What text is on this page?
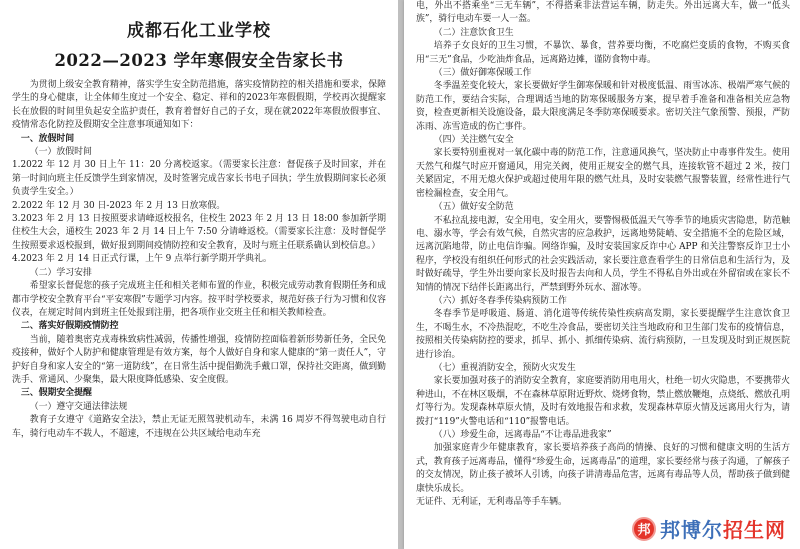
成都石化工业学校
2022—2023 学年寒假安全告家长书

为贯彻上级安全教育精神，落实学生安全防范措施，落实疫情防控的相关措施和要求，保障学生的身心健康，让全体师生度过一个安全、稳定、祥和的2023年寒假假期，学校再次提醒家长在放假的时间里负起安全监护责任，教育着督好自己的子女，现在就2022年寒假放假事宜、疫情常态化防控及假期安全注意事项通知如下：

一、放假时间

（一）放假时间

1.2022 年 12 月 30 日上午 11：20 分离校返家。（需要家长注意：督促孩子及时回家，并在第一时间向班主任反馈学生到家情况，及时签署完成告家长书电子回执；学生放假期间家长必须负责学生安全。）

2.2022 年 12 月 30 日-2023 年 2 月 13 日放寒假。

3.2023 年 2 月 13 日按照要求请峰返校报名，住校生 2023 年 2 月 13 日 18:00 参加新学期住校生大会，通校生 2023 年 2 月 14 日上午 7:50 分请峰返校。（需要家长注意：及时督促学生按照要求返校报到，做好报到期间疫情防控和安全教育，及时与班主任联系确认到校信息。）

4.2023 年 2 月 14 日正式行课，上午 9 点举行新学期开学典礼。

（二）学习安排

希望家长督促您的孩子完成班主任和相关老师布置的作业，积极完成劳动教育假期任务和成都市学校安全教育平台“平安寒假”专题学习内容。按平时学校要求，规范好孩子行为习惯和仪容仪表，在规定时间内到班主任处报到注册，把各项作业交班主任和相关教师检查。

二、落实好假期疫情防控

当前，随着奥密克戎毒株致病性减弱，传播性增强，疫情防控面临着新形势新任务，全民免疫接种，做好个人防护和健康管理是有效方案，每个人做好自身和家人健康的“第一责任人”，守护好自身和家人安全的“第一道防线”，在日常生活中提倡勤洗手戴口罩，保持社交距离，做到勤洗手、常通风、少聚集，最大限度降低感染、安全度假。

三、假期安全提醒

（一）遵守交通法律法规

教育子女遵守《道路安全法》，禁止无证无照驾驶机动车，未满 16 周岁不得驾驶电动自行车，骑行电动车不载人，不超速，不违规在公共区域给电动车充

电，外出不搭乘坐“三无车辆”，不得搭乘非法营运车辆，防走失。外出远离大车，做一“低头族”，骑行电动车要一人一盔。

（二）注意饮食卫生

培养子女良好的卫生习惯，不暴饮、暴食，营养要均衡，不吃腐烂变质的食物，不购买食用“三无”食品，少吃油炸食品，远离路边摊，谨防食物中毒。

（三）做好御寒保暖工作

冬季温差变化较大，家长要做好学生御寒保暖和针对极度低温、雨雪冰冻、极端严寒气候的防范工作，要结合实际，合理调适当地的防寒保暖服务方案，提早着手准备和准备相关应急物资，检查更新相关设施设备，最大限度满足冬季防寒保暖要求。密切关注气象预警、预报，严防冻雨、冻雪造成的伤亡事件。

（四）关注燃气安全

家长要特别重视对一氧化碳中毒的防范工作，注意通风换气，坚决防止中毒事件发生。使用天然气和煤气时应开窗通风，用完关阀，使用正规安全的燃气具，连接软管不超过 2 米，按门关紧固定，不用无熄火保护或超过使用年限的燃气灶具，及时安装燃气报警装置，经常性进行气密检漏检查，安全用气。

（五）做好安全防范

不私拉乱接电源，安全用电，安全用火，要警惕极低温天气等季节的地质灾害隐患，防范触电、溺水等，学会有效气候，自然灾害的应急救护，远离地势陡峭、安全措施不全的危险区域，远离沉陷地带，防止电信诈骗。网络诈骗，及时安装国家反诈中心 APP 和关注警察反诈卫士小程序，学校没有组织任何形式的社会实践活动，家长要注意查看学生的日常信息和生活行为，及时做好疏导，学生外出要向家长及时报告去向和人员，学生不得私自外出或在外留宿或在家长不知情的情况下结伴长距离出行，严禁到野外玩水、溜冰等。

（六）抓好冬春季传染病预防工作

冬春季节是呼吸道、肠道、消化道等传统传染性疾病高发期，家长要提醒学生注意饮食卫生，不喝生水，不冷热混吃，不吃生冷食品，要密切关注当地政府和卫生部门发布的疫情信息，按照相关传染病防控的要求，抓早、抓小、抓细传染病、流行病预防，一旦发现及时到正规医院进行诊治。

（七）重视消防安全，预防火灾发生

家长要加强对孩子的消防安全教育，家庭要消防用电用火，杜绝一切火灾隐患，不要携带火种进山，不在林区吸烟，不在森林草原附近野炊、烧烤食物，禁止燃放鞭炮，点烧纸、燃放孔明灯等行为。发现森林草原火情，及时有效地报告和求救，发现森林草原火情及远离用火行为，请拨打“119”火警电话和“110”报警电话。

（八）珍爱生命，远离毒品“不让毒品进我家”

加强家庭青少年健康教育，家长要培养孩子高尚的情操、良好的习惯和健康文明的生活方式，教育孩子远离毒品，懂得“珍爱生命，远离毒品”的道理，家长要经常与孩子沟通，了解孩子的交友情况，防止孩子被坏人引诱，向孩子讲清毒品危害，远离有毒品等人员，帮助孩子做到健康快乐成长。

无证件、无利证，无利毒品等手车辆。

邦 邦博尔招生网
